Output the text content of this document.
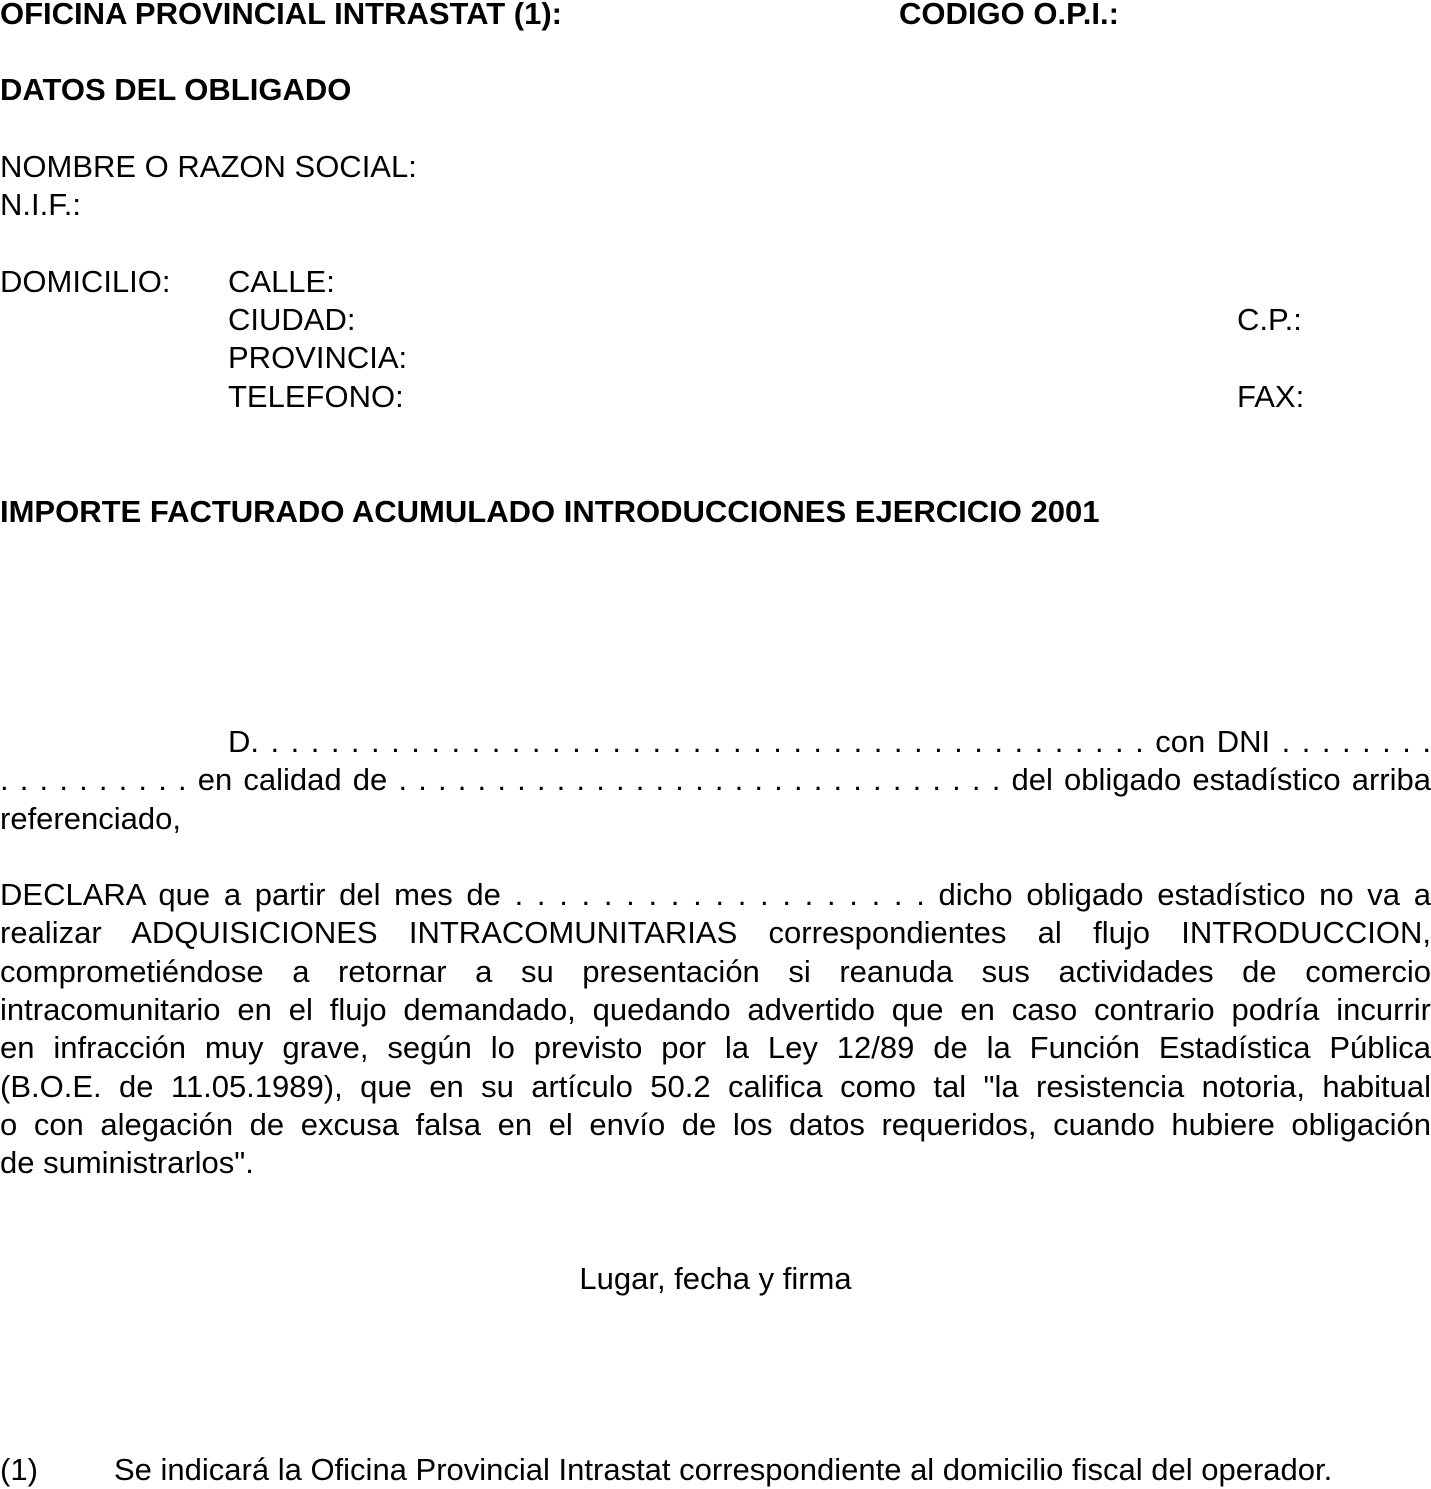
OFICINA PROVINCIAL INTRASTAT (1):	CODIGO O.P.I.:
DATOS DEL OBLIGADO
NOMBRE O RAZON SOCIAL:
N.I.F.:
DOMICILIO: CALLE:
CIUDAD:	C.P.:
PROVINCIA:
TELEFONO:	FAX:
IMPORTE FACTURADO ACUMULADO INTRODUCCIONES EJERCICIO 2001
D. . . . . . . . . . . . . . . . . . . . . . . . . . . . . . . . . . . . . . . . . . . . . con DNI . . . . . . . .
. . . . . . . . . . en calidad de . . . . . . . . . . . . . . . . . . . . . . . . . . . . . . . del obligado estadístico arriba
referenciado,
DECLARA que a partir del mes de . . . . . . . . . . . . . . . . . . . dicho obligado estadístico no va a
realizar ADQUISICIONES INTRACOMUNITARIAS correspondientes al flujo INTRODUCCION,
comprometiéndose a retornar a su presentación si reanuda sus actividades de comercio
intracomunitario en el flujo demandado, quedando advertido que en caso contrario podría incurrir
en infracción muy grave, según lo previsto por la Ley 12/89 de la Función Estadística Pública
(B.O.E. de 11.05.1989), que en su artículo 50.2 califica como tal "la resistencia notoria, habitual
o con alegación de excusa falsa en el envío de los datos requeridos, cuando hubiere obligación
de suministrarlos".
Lugar, fecha y firma
(1) Se indicará la Oficina Provincial Intrastat correspondiente al domicilio fiscal del operador.
